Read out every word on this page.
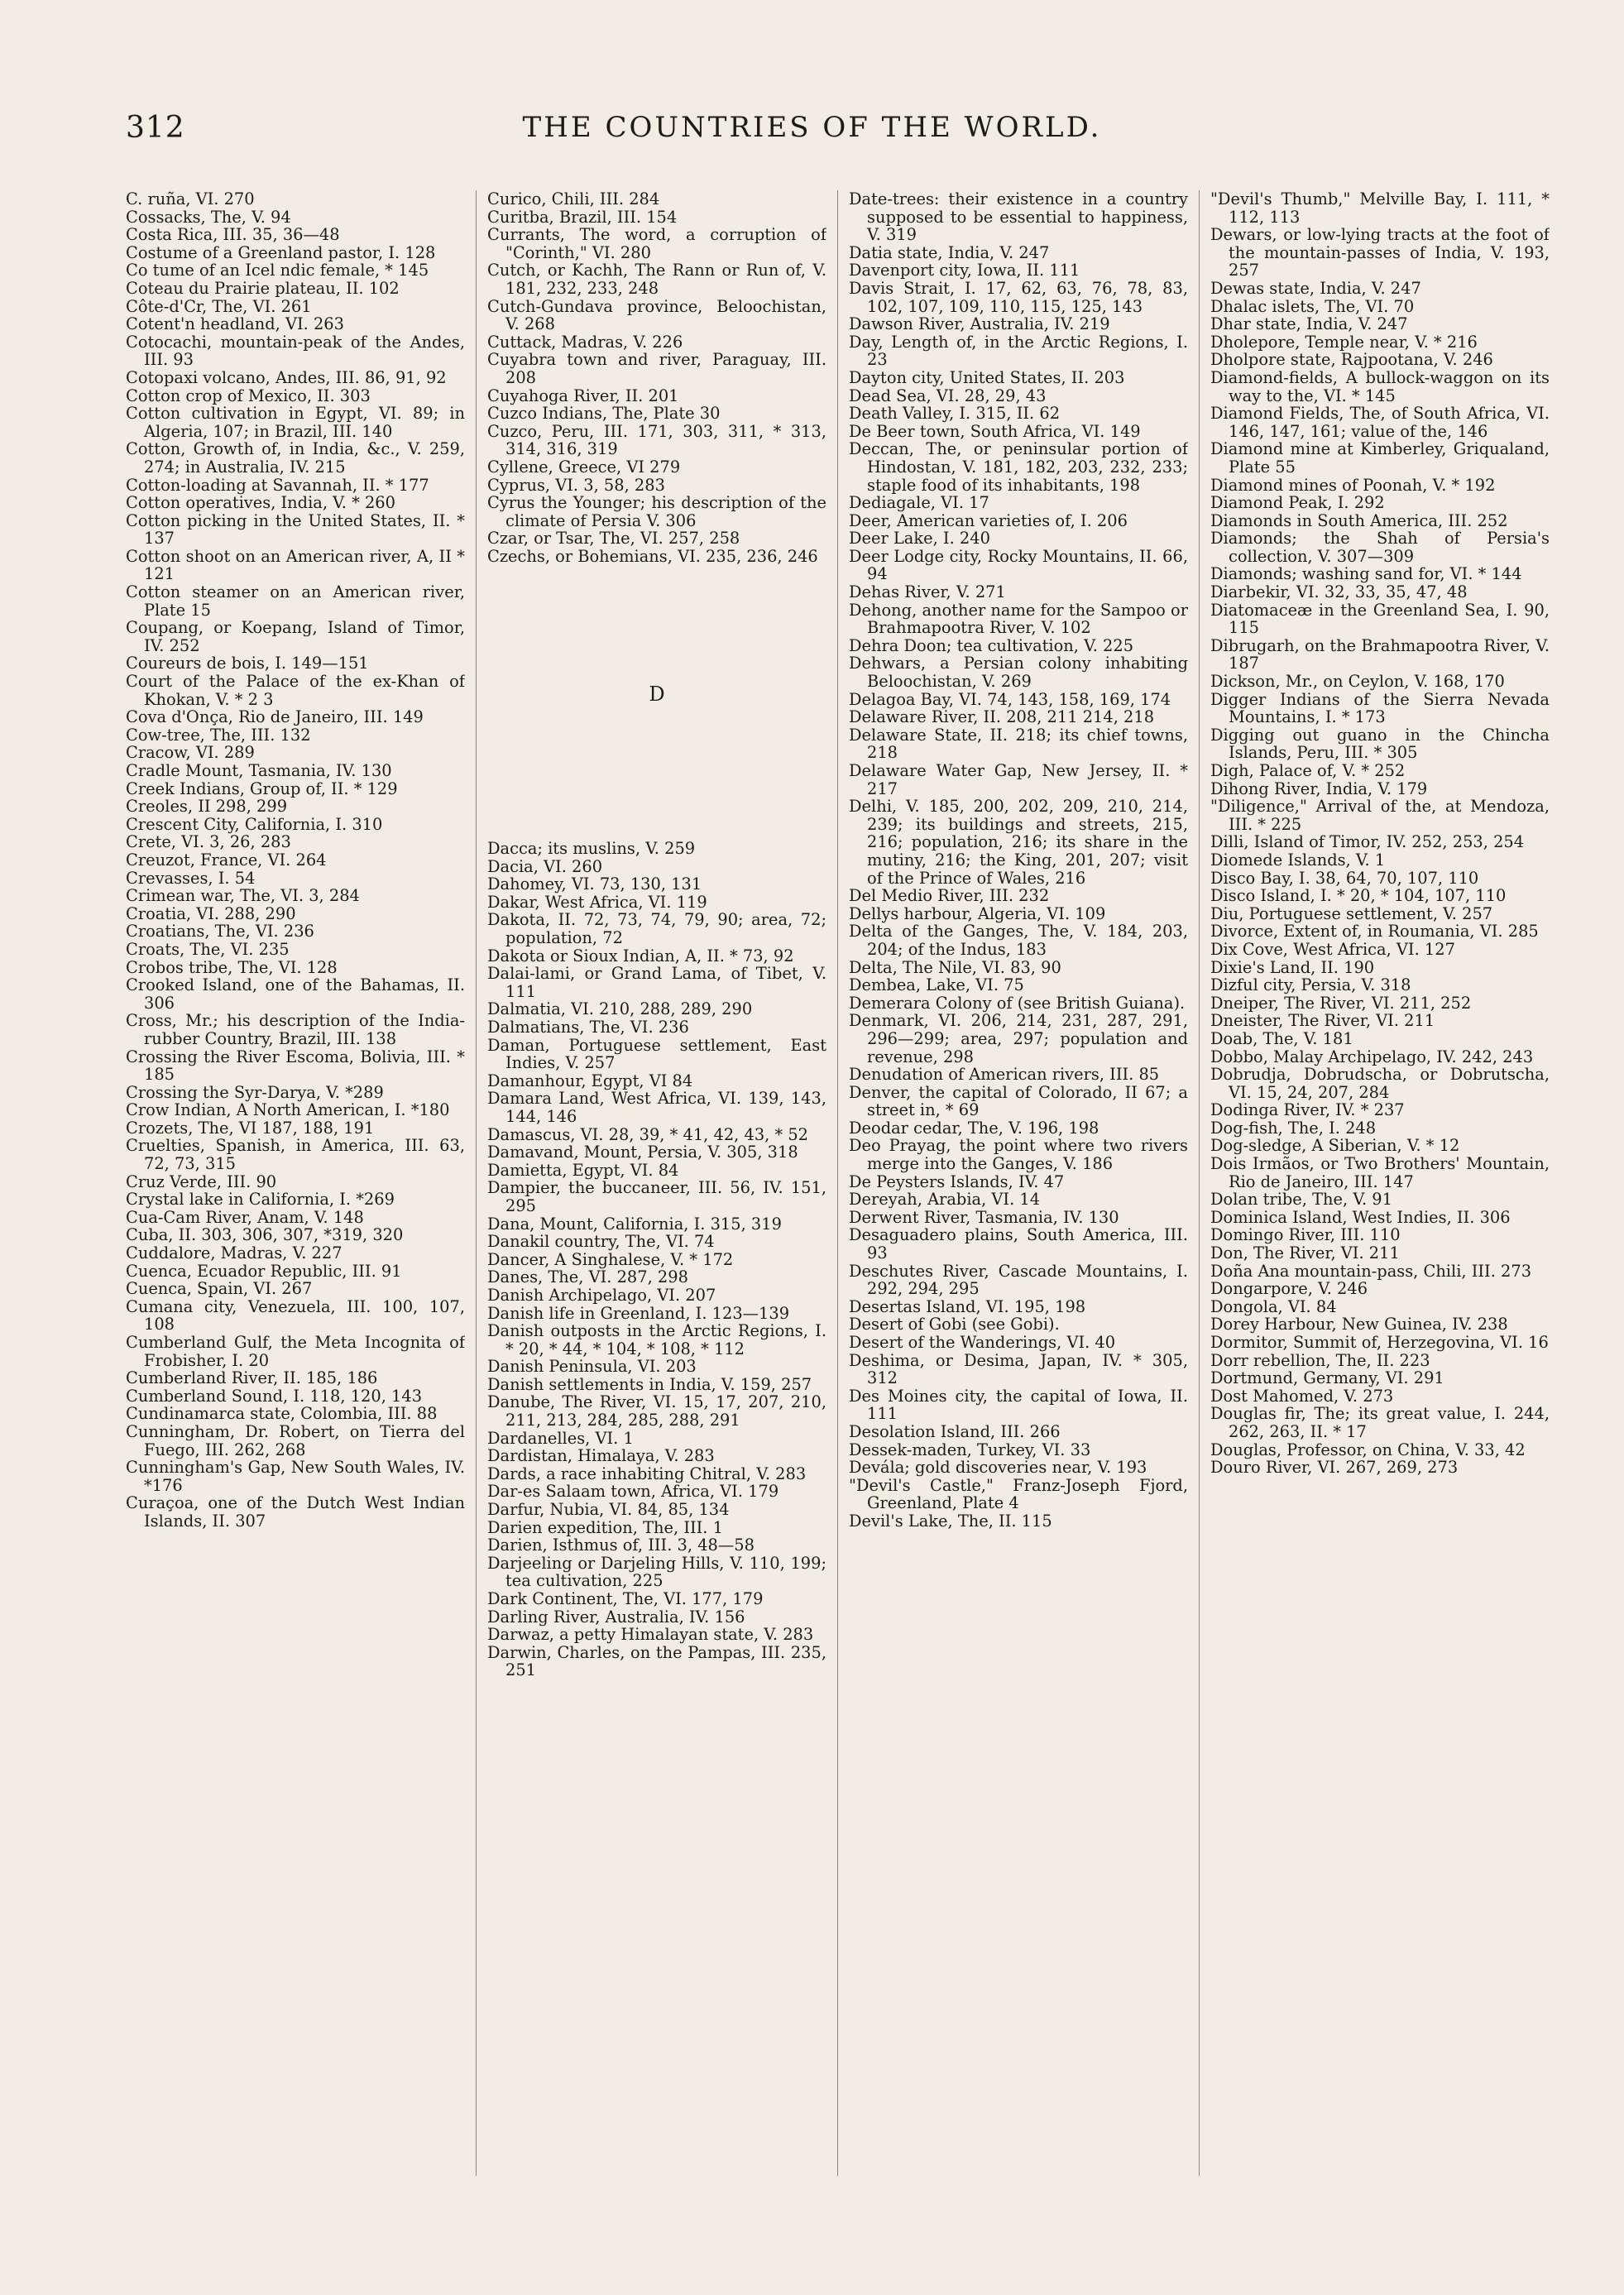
312	THE COUNTRIES OF THE WORLD.

C. ruña, VI. 270

Cossacks, The, V. 94

Costa Rica, III. 35, 36—48

Costume of a Greenland pastor, I. 128

Co tume of an Icel ndic female, * 145

Coteau du Prairie plateau, II. 102

Côte-d'Cr, The, VI. 261

Cotent'n headland, VI. 263

Cotocachi, mountain-peak of the Andes, III. 93

Cotopaxi volcano, Andes, III. 86, 91, 92

Cotton crop of Mexico, II. 303

Cotton cultivation in Egypt, VI. 89; in Algeria, 107; in Brazil, III. 140

Cotton, Growth of, in India, &c., V. 259, 274; in Australia, IV. 215

Cotton-loading at Savannah, II. * 177

Cotton operatives, India, V. * 260

Cotton picking in the United States, II. * 137

Cotton shoot on an American river, A, II * 121

Cotton steamer on an American river, Plate 15

Coupang, or Koepang, Island of Timor, IV. 252

Coureurs de bois, I. 149—151

Court of the Palace of the ex-Khan of Khokan, V. * 2 3

Cova d'Onça, Rio de Janeiro, III. 149

Cow-tree, The, III. 132

Cracow, VI. 289

Cradle Mount, Tasmania, IV. 130

Creek Indians, Group of, II. * 129

Creoles, II 298, 299

Crescent City, California, I. 310

Crete, VI. 3, 26, 283

Creuzot, France, VI. 264

Crevasses, I. 54

Crimean war, The, VI. 3, 284

Croatia, VI. 288, 290

Croatians, The, VI. 236

Croats, The, VI. 235

Crobos tribe, The, VI. 128

Crooked Island, one of the Bahamas, II. 306

Cross, Mr.; his description of the India-rubber Country, Brazil, III. 138

Crossing the River Escoma, Bolivia, III. * 185

Crossing the Syr-Darya, V. *289

Crow Indian, A North American, I. *180

Crozets, The, VI 187, 188, 191

Cruelties, Spanish, in America, III. 63, 72, 73, 315

Cruz Verde, III. 90

Crystal lake in California, I. *269

Cua-Cam River, Anam, V. 148

Cuba, II. 303, 306, 307, *319, 320

Cuddalore, Madras, V. 227

Cuenca, Ecuador Republic, III. 91

Cuenca, Spain, VI. 267

Cumana city, Venezuela, III. 100, 107, 108

Cumberland Gulf, the Meta Incognita of Frobisher, I. 20

Cumberland River, II. 185, 186

Cumberland Sound, I. 118, 120, 143

Cundinamarca state, Colombia, III. 88

Cunningham, Dr. Robert, on Tierra del Fuego, III. 262, 268

Cunningham's Gap, New South Wales, IV. *176

Curaçoa, one of the Dutch West Indian Islands, II. 307

Curico, Chili, III. 284

Curitba, Brazil, III. 154

Currants, The word, a corruption of "Corinth," VI. 280

Cutch, or Kachh, The Rann or Run of, V. 181, 232, 233, 248

Cutch-Gundava province, Beloochistan, V. 268

Cuttack, Madras, V. 226

Cuyabra town and river, Paraguay, III. 208

Cuyahoga River, II. 201

Cuzco Indians, The, Plate 30

Cuzco, Peru, III. 171, 303, 311, * 313, 314, 316, 319

Cyllene, Greece, VI 279

Cyprus, VI. 3, 58, 283

Cyrus the Younger; his description of the climate of Persia V. 306

Czar, or Tsar, The, VI. 257, 258

Czechs, or Bohemians, VI. 235, 236, 246

D

Dacca; its muslins, V. 259

Dacia, VI. 260

Dahomey, VI. 73, 130, 131

Dakar, West Africa, VI. 119

Dakota, II. 72, 73, 74, 79, 90; area, 72; population, 72

Dakota or Sioux Indian, A, II. * 73, 92

Dalai-lami, or Grand Lama, of Tibet, V. 111

Dalmatia, VI. 210, 288, 289, 290

Dalmatians, The, VI. 236

Daman, Portuguese settlement, East Indies, V. 257

Damanhour, Egypt, VI 84

Damara Land, West Africa, VI. 139, 143, 144, 146

Damascus, VI. 28, 39, * 41, 42, 43, * 52

Damavand, Mount, Persia, V. 305, 318

Damietta, Egypt, VI. 84

Dampier, the buccaneer, III. 56, IV. 151, 295

Dana, Mount, California, I. 315, 319

Danakil country, The, VI. 74

Dancer, A Singhalese, V. * 172

Danes, The, VI. 287, 298

Danish Archipelago, VI. 207

Danish life in Greenland, I. 123—139

Danish outposts in the Arctic Regions, I. * 20, * 44, * 104, * 108, * 112

Danish Peninsula, VI. 203

Danish settlements in India, V. 159, 257

Danube, The River, VI. 15, 17, 207, 210, 211, 213, 284, 285, 288, 291

Dardanelles, VI. 1

Dardistan, Himalaya, V. 283

Dards, a race inhabiting Chitral, V. 283

Dar-es Salaam town, Africa, VI. 179

Darfur, Nubia, VI. 84, 85, 134

Darien expedition, The, III. 1

Darien, Isthmus of, III. 3, 48—58

Darjeeling or Darjeling Hills, V. 110, 199; tea cultivation, 225

Dark Continent, The, VI. 177, 179

Darling River, Australia, IV. 156

Darwaz, a petty Himalayan state, V. 283

Darwin, Charles, on the Pampas, III. 235, 251

Date-trees: their existence in a country supposed to be essential to happiness, V. 319

Datia state, India, V. 247

Davenport city, Iowa, II. 111

Davis Strait, I. 17, 62, 63, 76, 78, 83, 102, 107, 109, 110, 115, 125, 143

Dawson River, Australia, IV. 219

Day, Length of, in the Arctic Regions, I. 23

Dayton city, United States, II. 203

Dead Sea, VI. 28, 29, 43

Death Valley, I. 315, II. 62

De Beer town, South Africa, VI. 149

Deccan, The, or peninsular portion of Hindostan, V. 181, 182, 203, 232, 233; staple food of its inhabitants, 198

Dediagale, VI. 17

Deer, American varieties of, I. 206

Deer Lake, I. 240

Deer Lodge city, Rocky Mountains, II. 66, 94

Dehas River, V. 271

Dehong, another name for the Sampoo or Brahmapootra River, V. 102

Dehra Doon; tea cultivation, V. 225

Dehwars, a Persian colony inhabiting Beloochistan, V. 269

Delagoa Bay, VI. 74, 143, 158, 169, 174

Delaware River, II. 208, 211 214, 218

Delaware State, II. 218; its chief towns, 218

Delaware Water Gap, New Jersey, II. * 217

Delhi, V. 185, 200, 202, 209, 210, 214, 239; its buildings and streets, 215, 216; population, 216; its share in the mutiny, 216; the King, 201, 207; visit of the Prince of Wales, 216

Del Medio River, III. 232

Dellys harbour, Algeria, VI. 109

Delta of the Ganges, The, V. 184, 203, 204; of the Indus, 183

Delta, The Nile, VI. 83, 90

Dembea, Lake, VI. 75

Demerara Colony of (see British Guiana).

Denmark, VI. 206, 214, 231, 287, 291, 296—299; area, 297; population and revenue, 298

Denudation of American rivers, III. 85

Denver, the capital of Colorado, II 67; a street in, * 69

Deodar cedar, The, V. 196, 198

Deo Prayag, the point where two rivers merge into the Ganges, V. 186

De Peysters Islands, IV. 47

Dereyah, Arabia, VI. 14

Derwent River, Tasmania, IV. 130

Desaguadero plains, South America, III. 93

Deschutes River, Cascade Mountains, I. 292, 294, 295

Desertas Island, VI. 195, 198

Desert of Gobi (see Gobi).

Desert of the Wanderings, VI. 40

Deshima, or Desima, Japan, IV. * 305, 312

Des Moines city, the capital of Iowa, II. 111

Desolation Island, III. 266

Dessek-maden, Turkey, VI. 33

Devála; gold discoveries near, V. 193

"Devil's Castle," Franz-Joseph Fjord, Greenland, Plate 4

Devil's Lake, The, II. 115

"Devil's Thumb," Melville Bay, I. 111, * 112, 113

Dewars, or low-lying tracts at the foot of the mountain-passes of India, V. 193, 257

Dewas state, India, V. 247

Dhalac islets, The, VI. 70

Dhar state, India, V. 247

Dholepore, Temple near, V. * 216

Dholpore state, Rajpootana, V. 246

Diamond-fields, A bullock-waggon on its way to the, VI. * 145

Diamond Fields, The, of South Africa, VI. 146, 147, 161; value of the, 146

Diamond mine at Kimberley, Griqualand, Plate 55

Diamond mines of Poonah, V. * 192

Diamond Peak, I. 292

Diamonds in South America, III. 252

Diamonds; the Shah of Persia's collection, V. 307—309

Diamonds; washing sand for, VI. * 144

Diarbekir, VI. 32, 33, 35, 47, 48

Diatomaceæ in the Greenland Sea, I. 90, 115

Dibrugarh, on the Brahmapootra River, V. 187

Dickson, Mr., on Ceylon, V. 168, 170

Digger Indians of the Sierra Nevada Mountains, I. * 173

Digging out guano in the Chincha Islands, Peru, III. * 305

Digh, Palace of, V. * 252

Dihong River, India, V. 179

"Diligence," Arrival of the, at Mendoza, III. * 225

Dilli, Island of Timor, IV. 252, 253, 254

Diomede Islands, V. 1

Disco Bay, I. 38, 64, 70, 107, 110

Disco Island, I. * 20, * 104, 107, 110

Diu, Portuguese settlement, V. 257

Divorce, Extent of, in Roumania, VI. 285

Dix Cove, West Africa, VI. 127

Dixie's Land, II. 190

Dizful city, Persia, V. 318

Dneiper, The River, VI. 211, 252

Dneister, The River, VI. 211

Doab, The, V. 181

Dobbo, Malay Archipelago, IV. 242, 243

Dobrudja, Dobrudscha, or Dobrutscha, VI. 15, 24, 207, 284

Dodinga River, IV. * 237

Dog-fish, The, I. 248

Dog-sledge, A Siberian, V. * 12

Dois Irmãos, or Two Brothers' Mountain, Rio de Janeiro, III. 147

Dolan tribe, The, V. 91

Dominica Island, West Indies, II. 306

Domingo River, III. 110

Don, The River, VI. 211

Doña Ana mountain-pass, Chili, III. 273

Dongarpore, V. 246

Dongola, VI. 84

Dorey Harbour, New Guinea, IV. 238

Dormitor, Summit of, Herzegovina, VI. 16

Dorr rebellion, The, II. 223

Dortmund, Germany, VI. 291

Dost Mahomed, V. 273

Douglas fir, The; its great value, I. 244, 262, 263, II. * 17

Douglas, Professor, on China, V. 33, 42

Douro River, VI. 267, 269, 273
